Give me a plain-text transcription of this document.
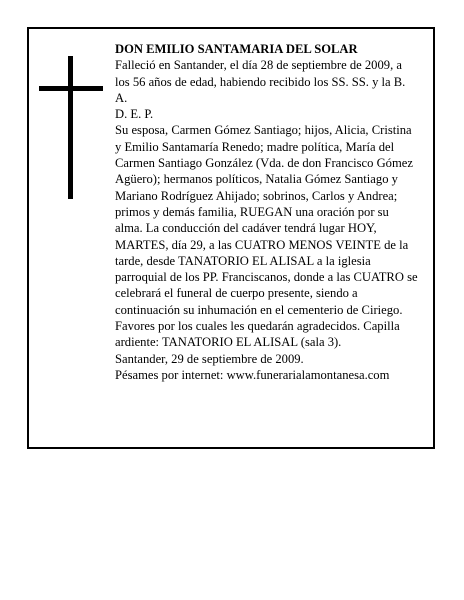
DON EMILIO SANTAMARIA DEL SOLAR

Falleció en Santander, el día 28 de septiembre de 2009, a los 56 años de edad, habiendo recibido los SS. SS. y la B. A.

D. E. P.

Su esposa, Carmen Gómez Santiago; hijos, Alicia, Cristina y Emilio Santamaría Renedo; madre política, María del Carmen Santiago González (Vda. de don Francisco Gómez Agüero); hermanos políticos, Natalia Gómez Santiago y Mariano Rodríguez Ahijado; sobrinos, Carlos y Andrea; primos y demás familia, RUEGAN una oración por su alma. La conducción del cadáver tendrá lugar HOY, MARTES, día 29, a las CUATRO MENOS VEINTE de la tarde, desde TANATORIO EL ALISAL a la iglesia parroquial de los PP. Franciscanos, donde a las CUATRO se celebrará el funeral de cuerpo presente, siendo a continuación su inhumación en el cementerio de Ciriego. Favores por los cuales les quedarán agradecidos. Capilla ardiente: TANATORIO EL ALISAL (sala 3).

Santander, 29 de septiembre de 2009.

Pésames por internet: www.funerarialamontanesa.com
